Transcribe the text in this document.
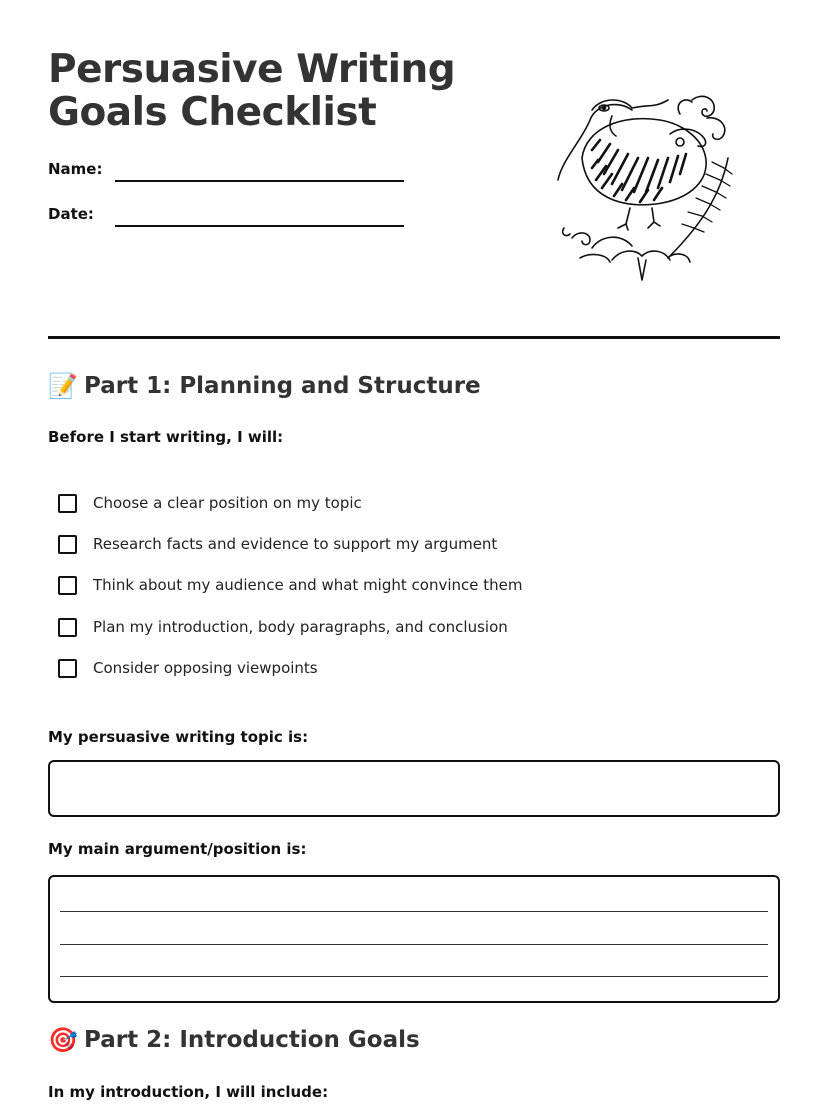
Persuasive Writing
Goals Checklist
Name:
Date:
📝 Part 1: Planning and Structure

Before I start writing, I will:

Choose a clear position on my topic
Research facts and evidence to support my argument
Think about my audience and what might convince them
Plan my introduction, body paragraphs, and conclusion
Consider opposing viewpoints

My persuasive writing topic is:

My main argument/position is:

🎯 Part 2: Introduction Goals

In my introduction, I will include:
